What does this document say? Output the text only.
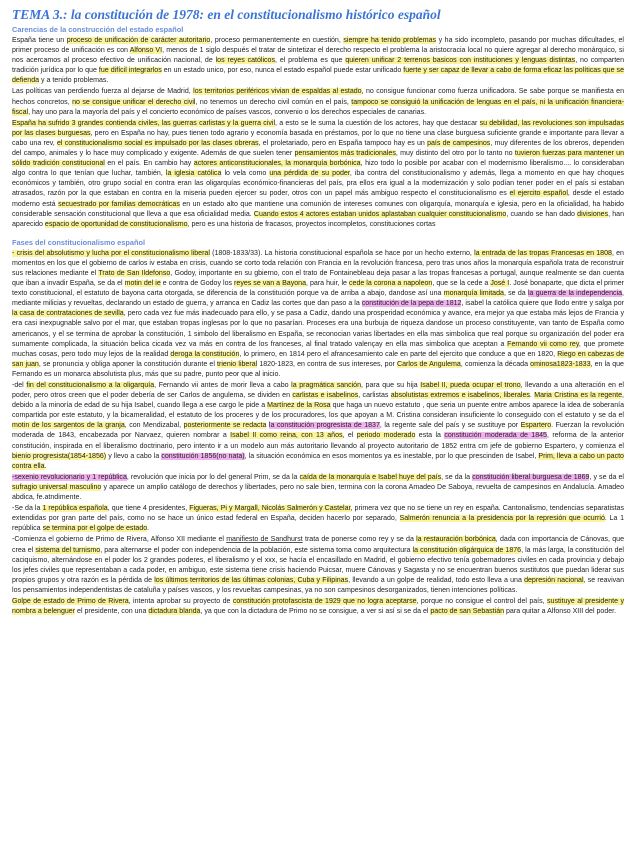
TEMA 3.: la constitución de 1978: en el constitucionalismo histórico español
Carencias de la construcción del estado español

España tiene un proceso de unificación de carácter autoritario, proceso permanentemente en cuestión, siempre ha tenido problemas y ha sido incompleto, pasando por muchas dificultades, el primer proceso de unificación es con Alfonso VI, menos de 1 siglo después el tratar de sintetizar el derecho respecto el problema la aristocracia local no quiere agregar al derecho monárquico, si nos acercamos al proceso efectivo de unificación nacional, de los reyes católicos, el problema es que quieren unificar 2 terrenos basicos con instituciones y lenguas distintas, no comparten tradición jurídica por lo que fue difícil integrarlos en un estado unico, por eso, nunca el estado español puede estar unificado fuerte y ser capaz de llevar a cabo de forma eficaz las políticas que se defienda y a tenido problemas.

Las políticas van perdiendo fuerza al dejarse de Madrid, los territorios periféricos vivian de espaldas al estado, no consigue funcionar como fuerza unificadora. Se sabe porque se manifiesta en hechos concretos, no se consigue unificar el derecho civil, no tenemos un derecho civil común en el país, tampoco se consiguió la unificación de lenguas en el país, ni la unificación financiera-fiscal, hay uno para la mayoría del país y el concierto económico de países vascos, convenio o los derechos especiales de canarias.

España ha sufrido 3 grandes contienda civiles, las guerras carlistas y la guerra civil, a esto se le suma la cuestión de los actores, hay que destacar su debilidad, las revoluciones son impulsadas por las clases burguesas, pero en España no hay, pues tienen todo agrario y economía basada en préstamos, por lo que no tiene una clase burguesa suficiente grande e importante para llevar a cabo una rev, el constitucionalismo social es impulsado por las clases obreras, el proletariado, pero en España tampoco hay es un país de campesinos, muy diferentes de los obreros, dependen del campo, animales y lo hace muy complicado y exigente. Además de que suelen tener pensamientos más tradicionales, muy distinto del otro por lo tanto no tuvieron fuerzas para mantener un sólido tradición constitucional en el país. En cambio hay actores anticonstitucionales, la monarquía borbónica, hizo todo lo posible por acabar con el modernismo liberalismo.... lo consideraban algo contra lo que tenían que luchar, también, la iglesia católica lo vela como una pérdida de su poder, iba contra del constitucionalismo y además, llega a momento en que hay choques económicos y también, otro grupo social en contra eran las oligarquías económico-financieras del país, pra ellos era igual a la modernización y solo podían tener poder en el país si estaban atrasados, razón por la que estaban en contra en la miseria pueden ejercer su poder, otros con un papel más ambiguo respecto el constitucionalismo es el ejercito español, desde el estado moderno está secuestrado por familias democráticas en un estado alto que mantiene una comunión de intereses comunes con oligarquía, monarquía e iglesia, pero en la oficialidad, ha habido considerable sensación constitucional que lleva a que esa oficialidad media. Cuando estos 4 actores estaban unidos aplastaban cualquier constitucionalismo, cuando se han dado divisiones, han aparecido espacio de oportunidad de constitucionalismo, pero es una historia de fracasos, proyectos incompletos, constituciones cortas

Fases del constitucionalismo español

- crisis del absolutismo y lucha por el constitucionalismo liberal (1808-1833/33). La historia constitucional española se hace por un hecho externo, la entrada de las tropas Francesas en 1808, en momentos en los que el gobierno de carlos iv estaba en crisis, cuando se corto toda relación con Francia en la revolución francesa, pero tras unos años la monarquía española trata de reconstruir sus relaciones mediante el Trato de San Ildefonso, Godoy, importante en su gbierno, con el trato de Fontainebleau deja pasar a las tropas francesas a portugal, aunque realmente se dan cuenta que iban a invadir España, se da el motin del ie e contra de Godoy los reyes se van a Bayona, para huir, le cede la corona a napoleon, que se la cede a José I. José bonaparte, que dicta el primer texto constitucional, el estatuto de bayona carta otorgada, se diferencia de la constitución porque va de arriba a abajo, dandose así una monarquía limitada, se da la guerra de la independencia, mediante milicias y revueltas, declarando un estado de guerra, y arranca en Cadiz las cortes que dan paso a la constitución de la pepa de 1812, isabel la católica quiere que llodo entre y salga por la casa de contrataciones de sevilla, pero cada vez fue más inadecuado para ello, y se pasa a Cadiz, dando una prosperidad económica y avance, era mejor ya que estaba más lejos de Francia y era casi inexpugnable salvo por el mar, que estaban tropas inglesas por lo que no pasarían. Proceses era una burbuja de riqueza dandose un proceso constituyente, van tanto de España como americanos, y el se termina de aprobar la constitución, 1 simbolo del liberalismo en España, se reconocian varias libertades en ella mas simbolica que real porque su organización del poder era sumamente complicada, la situación belica cicada vez va más en contra de los franceses, al final tratado valençay en ella mas simbolica que aceptan a Fernando vii como rey, que promete muchas cosas, pero todo muy lejos de la realidad deroga la constitución, lo primero, en 1814 pero el afrancesamiento cale en parte del ejercito que conduce a que en 1820, Riego en cabezas de san juan, se pronuncia y obliga aponer la constitución durante el trienio liberal 1820-1823, en contra de sus intereses, por Carlos de Angulema, comienza la década ominosa1823-1833, en la que Fernando es un monarca absolutista plus, más que su padre, punto peor que al inicio.

-del fin del constitucionalismo a la oligarquía, Fernando vii antes de morir lleva a cabo la pragmática sanción, para que su hija Isabel II, pueda ocupar el trono, llevando a una alteración en el poder, pero otros creen que el poder debería de ser Carlos de angulema, se dividen en carlistas e isabelinos, carlistas absolutistas extremos e isabelinos, liberales. Maria Cristina es la regente, debido a la minoría de edad de su hija Isabel, cuando llega a ese cargo le pide a Martínez de la Rosa que haga un nuevo estatuto , que seria un puente entre ambos aparece la idea de soberanía compartida por este estatuto, y la bicameralidad, el estatuto de los proceres y de los procuradores, los que apoyan a M. Cristina consideran insuficiente lo conseguido con el estatuto y se da el motin de los sargentos de la granja, con Mendizabal, posteriormente se redacta la constitución progresista de 1837, la regente sale del país y se sustituye por Espartero. Fuerzan la revolución moderada de 1843, encabezada por Narvaez, quieren nombrar a Isabel II como reina, con 13 años, el periodo moderado esta la constitución moderada de 1845, reforma de la anterior constitución, inspirada en el liberalismo doctrinario, pero intento ir a un modelo aun más autoritario llevando al proyecto autoritario de 1852 entra cm jefe de gobierno Espartero, y comienza el bienio progresista(1854-1856) y llevo a cabo la constitución 1856(no nata), la situación económica en esos momentos ya es inestable, por lo que prescinden de Isabel, Prim, lleva a cabo un pacto contra ella.

-sexenio revolucionario y 1 república, revolución que inicia por lo del general Prim, se da la caída de la monarquía e Isabel huye del país, se da la constitución liberal burguesa de 1869, y se da el sufragio universal masculino y aparece un amplio catálogo de derechos y libertades, pero no sale bien, termina con la corona Amadeo De Saboya, revuelta de campesinos en Andalucía. Amadeo abdica, fe.atndimente.

-Se da la 1 república española, que tiene 4 presidentes, Figueras, Pi y Margall, Nicolás Salmerón y Castelar, primera vez que no se tiene un rey en españa. Cantonalismo, tendencias separatistas extendidas por gran parte del país, como no se hace un único estad federal en España, deciden hacerlo por separado, Salmerón renuncia a la presidencia por la represión que ocurrió. La 1 república se termina por el golpe de estado.

-Comienza el gobierno de Primo de Rivera, Alfonso XII mediante el manifiesto de Sandhurst trata de ponerse como rey y se da la restauración borbónica, dada con importancia de Cánovas, que crea el sistema del turnismo, para alternarse el poder con independencia de la población, este sistema toma como arquitectura la constitución oligárquica de 1876, la más larga, la constitución del caciquismo, alternándose en el poder los 2 grandes poderes, el liberalismo y el xxx, se hacía el encasillado en Madrid, el gobierno efectivo tenía gobernadores civiles en cada provincia y debajo los jefes civiles que representaban a cada poder, en ambiguo, este sistema tiene crisis haciendo Puicsar, muere Cánovas y Sagasta y no se encuentran buenos sustitutos que puedan liderar sus propios grupos y otra razón es la pérdida de los últimos territorios de las últimas colonias, Cuba y Filipinas, llevando a un golpe de realidad, todo esto lleva a una depresión nacional, se reavivan los pensamientos independentistas de cataluña y países vascos, y los revueltas campesinas, ya no son campesinos desorganizados, tienen intenciones políticas.

Golpe de estado de Primo de Rivera, intenta aprobar su proyecto de constitución protofascista de 1929 que no logra aceptarse, porque no consigue el control del país, sustituye al presidente y nombra a belenguer el presidente, con una dictadura blanda, ya que con la dictadura de Primo no se consigue, a ver si así si se da el pacto de san Sebastián para quitar a Alfonso XIII del poder.
